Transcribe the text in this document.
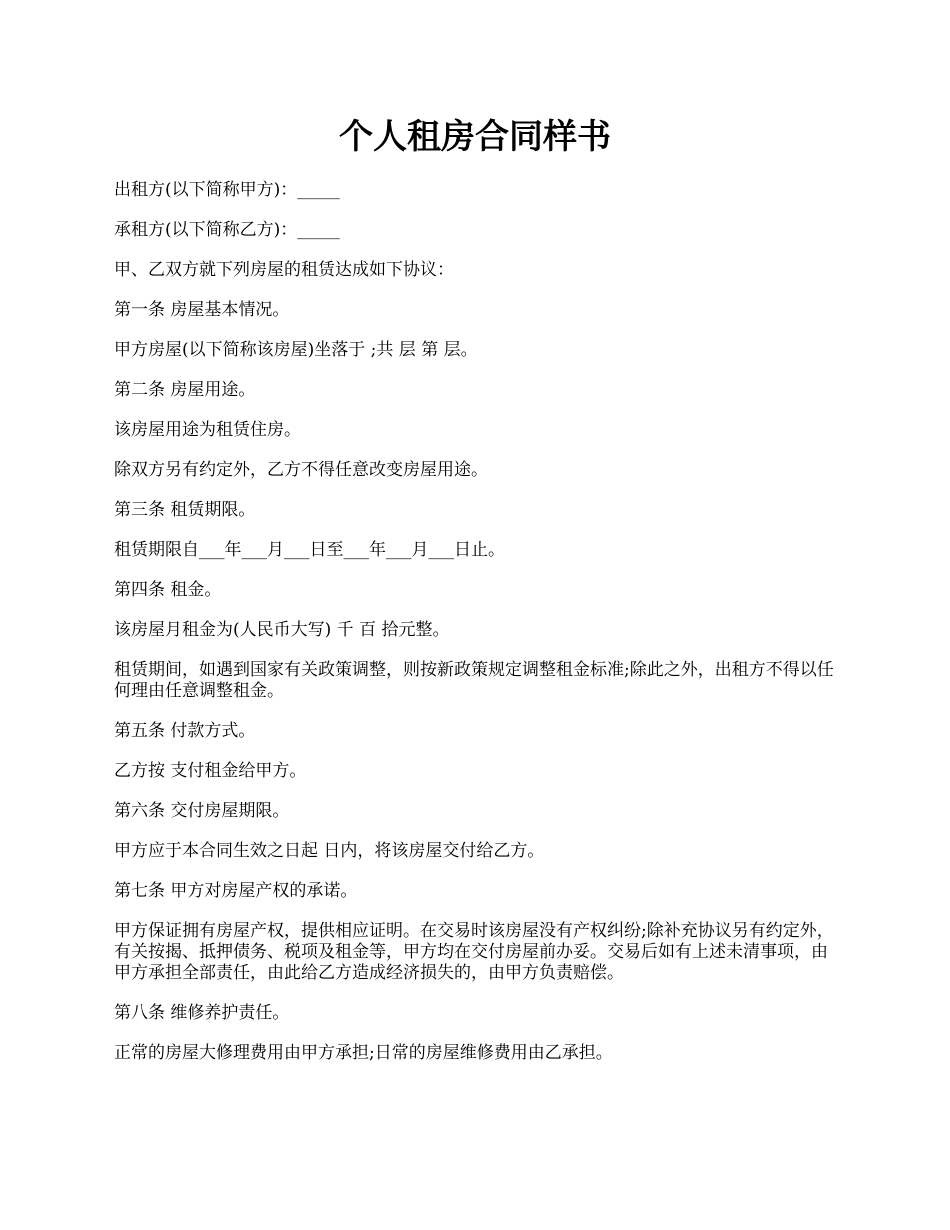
个人租房合同样书

出租方(以下简称甲方)：_____

承租方(以下简称乙方)：_____

甲、乙双方就下列房屋的租赁达成如下协议：

第一条 房屋基本情况。

甲方房屋(以下简称该房屋)坐落于 ;共 层 第 层。

第二条 房屋用途。

该房屋用途为租赁住房。

除双方另有约定外，乙方不得任意改变房屋用途。

第三条 租赁期限。

租赁期限自___年___月___日至___年___月___日止。

第四条 租金。

该房屋月租金为(人民币大写) 千 百 拾元整。

租赁期间，如遇到国家有关政策调整，则按新政策规定调整租金标准;除此之外，出租方不得以任何理由任意调整租金。

第五条 付款方式。

乙方按 支付租金给甲方。

第六条 交付房屋期限。

甲方应于本合同生效之日起 日内，将该房屋交付给乙方。

第七条 甲方对房屋产权的承诺。

甲方保证拥有房屋产权，提供相应证明。在交易时该房屋没有产权纠纷;除补充协议另有约定外，有关按揭、抵押债务、税项及租金等，甲方均在交付房屋前办妥。交易后如有上述未清事项，由甲方承担全部责任，由此给乙方造成经济损失的，由甲方负责赔偿。

第八条 维修养护责任。

正常的房屋大修理费用由甲方承担;日常的房屋维修费用由乙承担。
